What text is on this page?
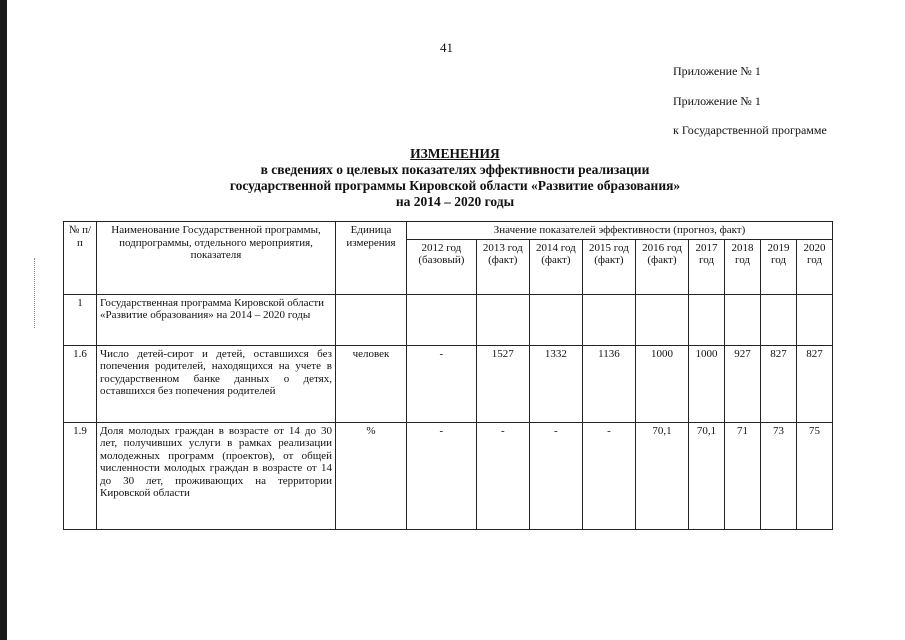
41
Приложение № 1
Приложение № 1
к Государственной программе
ИЗМЕНЕНИЯ
в сведениях о целевых показателях эффективности реализации
государственной программы Кировской области «Развитие образования»
на 2014 – 2020 годы
№ п/п	Наименование Государственной программы, подпрограммы, отдельного мероприятия, показателя	Единица измерения	Значение показателей эффективности (прогноз, факт)								
			2012 год (базовый)	2013 год (факт)	2014 год (факт)	2015 год (факт)	2016 год (факт)	2017 год	2018 год	2019 год	2020 год
1	Государственная программа Кировской области «Развитие образования» на 2014 – 2020 годы										
1.6	Число детей-сирот и детей, оставшихся без попечения родителей, находящихся на учете в государственном банке данных о детях, оставшихся без попечения родителей	человек	-	1527	1332	1136	1000	1000	927	827	827
1.9	Доля молодых граждан в возрасте от 14 до 30 лет, получивших услуги в рамках реализации молодежных программ (проектов), от общей численности молодых граждан в возрасте от 14 до 30 лет, проживающих на территории Кировской области	%	-	-	-	-	70,1	70,1	71	73	75
